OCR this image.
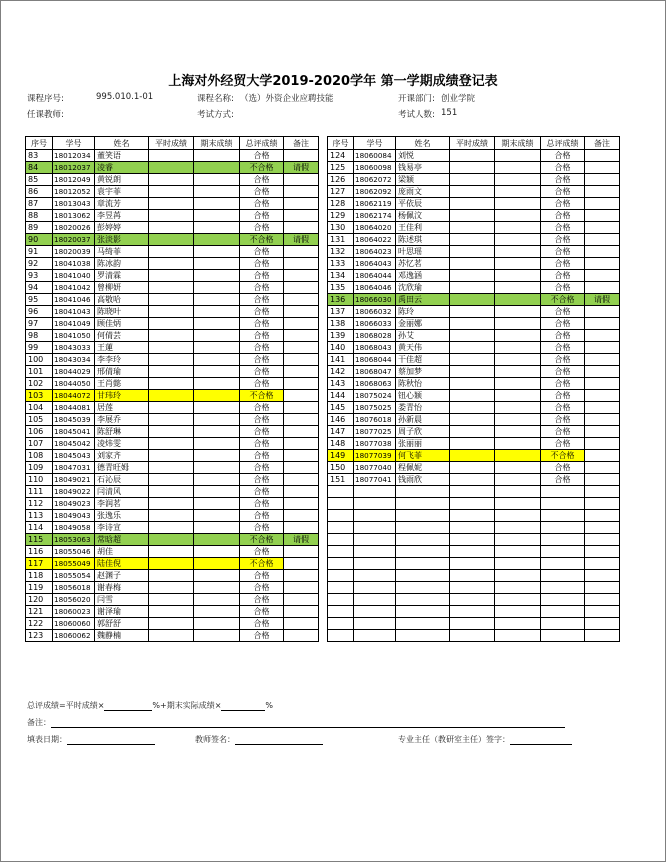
上海对外经贸大学2019-2020学年 第一学期成绩登记表
课程序号:	995.010.1-01	课程名称: （选）外资企业应聘技能	开课部门: 创业学院
任课教师:	考试方式:	考试人数: 151
序号	学号	姓名	平时成绩	期末成绩	总评成绩	备注
83	18012034	董笑语			合格	
84	18012037	凌睿			不合格	请假
85	18012049	黄锐朗			合格	
86	18012052	袁宇菲			合格	
87	18013043	章流芳			合格	
88	18013062	李昱苒			合格	
89	18020026	彭婷婷			合格	
90	18020037	张淡影			不合格	请假
91	18020039	马绮菲			合格	
92	18041038	陈冰韵			合格	
93	18041040	罗清霖			合格	
94	18041042	曾柳妍			合格	
95	18041046	高敬哈			合格	
96	18041043	陈晓叶			合格	
97	18041049	顾佳炳			合格	
98	18041050	何倩芸			合格	
99	18043033	王蓮			合格	
100	18043034	李李玲			合格	
101	18044029	邢倩瑜			合格	
102	18044050	王肖懿			合格	
103	18044072	甘玮玲			不合格	
104	18044081	居莲			合格	
105	18045039	李展乔			合格	
106	18045041	陈舒琳			合格	
107	18045042	凌炜雯			合格	
108	18045043	刘家齐			合格	
109	18047031	德青旺姆			合格	
110	18049021	石沁辰			合格	
111	18049022	闫清风			合格	
112	18049023	李润茗			合格	
113	18049043	张逸乐			合格	
114	18049058	李诗宣			合格	
115	18053063	常晗超			不合格	请假
116	18055046	胡佳			合格	
117	18055049	陆佳倪			不合格	
118	18055054	赵渊子			合格	
119	18056018	谢春梅			合格	
120	18056020	闫雪			合格	
121	18060023	谢泽瑜			合格	
122	18060060	郭舒舒			合格	
123	18060062	魏静楠			合格	
序号	学号	姓名	平时成绩	期末成绩	总评成绩	备注
124	18060084	刘悦			合格	
125	18060098	钱易亭			合格	
126	18062072	梁颖			合格	
127	18062092	庞雨文			合格	
128	18062119	平依辰			合格	
129	18062174	杨佩汶			合格	
130	18064020	王佳利			合格	
131	18064022	陈述琪			合格	
132	18064023	叶思瑶			合格	
133	18064043	苏忆茗			合格	
134	18064044	邓逸涵			合格	
135	18064046	沈欣瑜			合格	
136	18066030	禹田云			不合格	请假
137	18066032	陈玲			合格	
138	18066033	金丽娜			合格	
139	18068028	孙艾			合格	
140	18068043	黄天伟			合格	
141	18068044	干佳超			合格	
142	18068047	蔡加梦			合格	
143	18068063	陈秋怡			合格	
144	18075024	钮心颖			合格	
145	18075025	娄青怡			合格	
146	18076018	孙新晨			合格	
147	18077025	周子欣			合格	
148	18077038	张丽丽			合格	
149	18077039	何飞菲			不合格	
150	18077040	程佩妮			合格	
151	18077041	钱雨欣			合格	

总评成绩=平时成绩×	%+期末实际成绩×	%
备注：
填表日期：	教师签名：	专业主任（教研室主任）签字：
